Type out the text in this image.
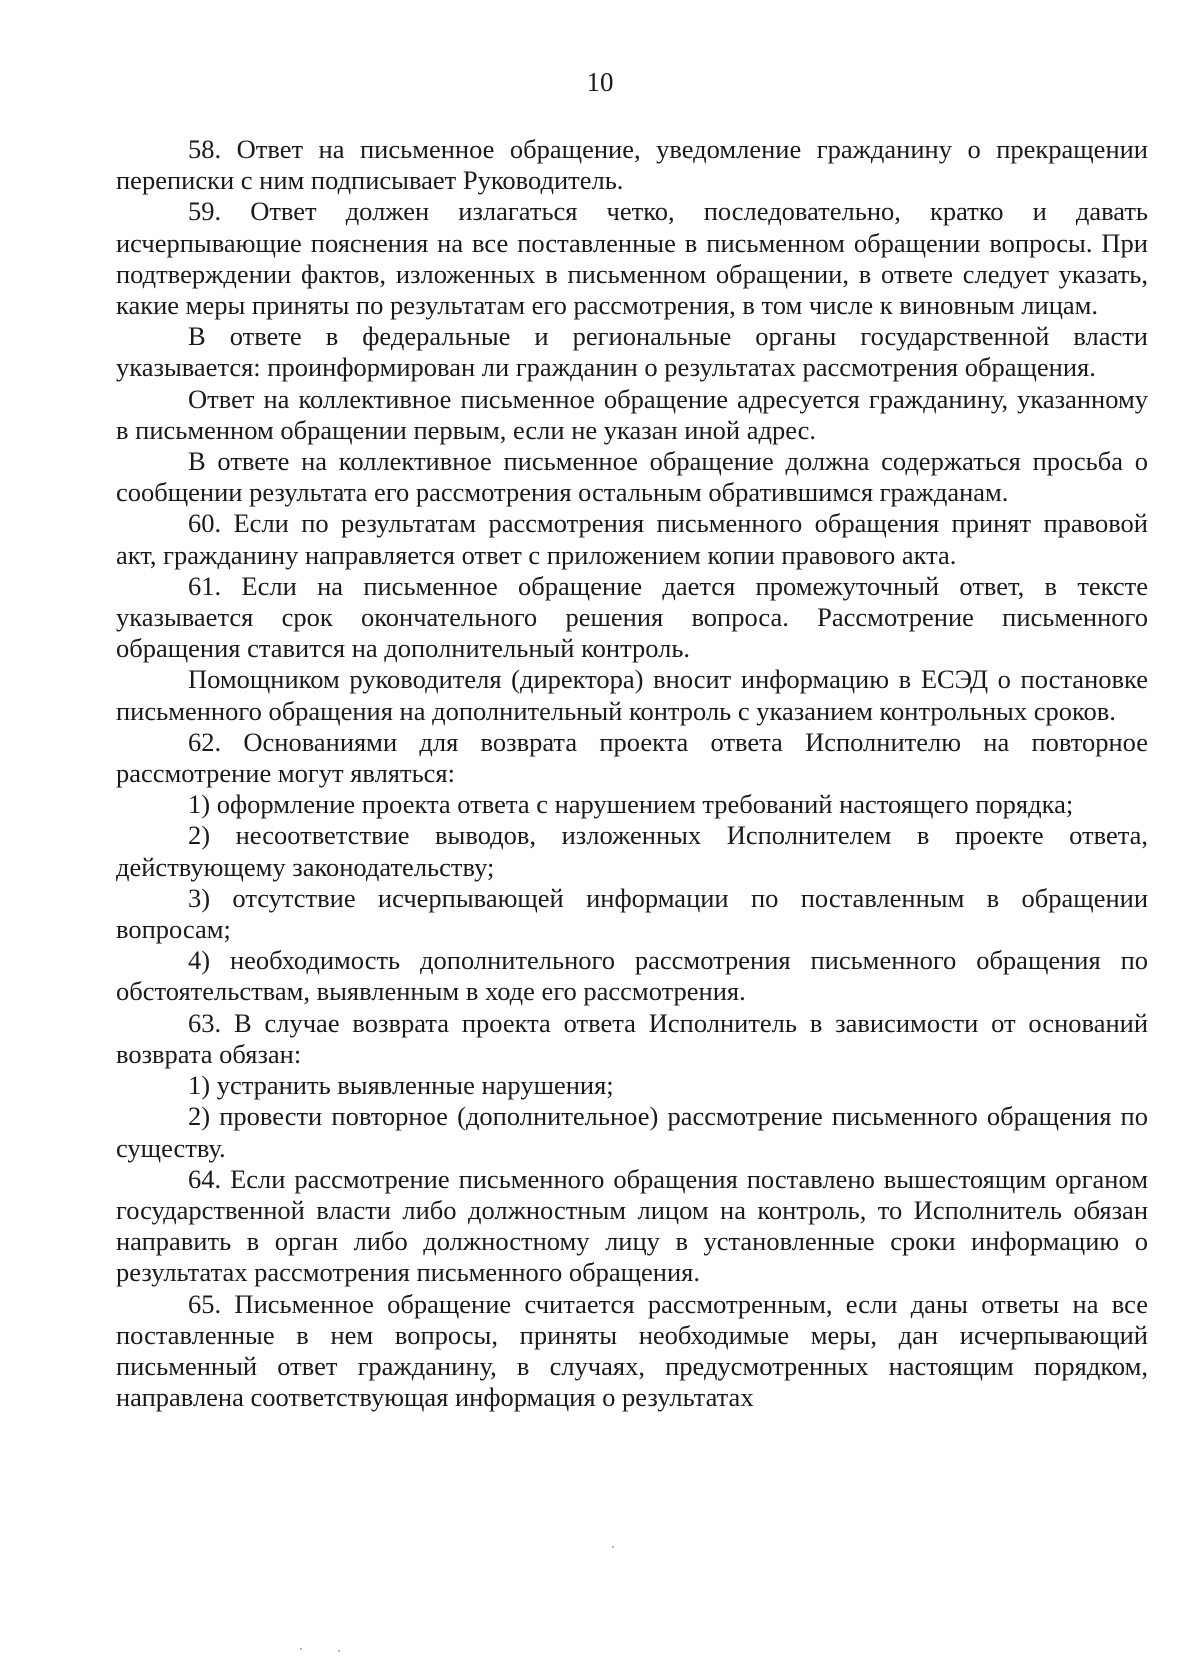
10

58. Ответ на письменное обращение, уведомление гражданину о прекращении переписки с ним подписывает Руководитель.

59. Ответ должен излагаться четко, последовательно, кратко и давать исчерпывающие пояснения на все поставленные в письменном обращении вопросы. При подтверждении фактов, изложенных в письменном обращении, в ответе следует указать, какие меры приняты по результатам его рассмотрения, в том числе к виновным лицам.

В ответе в федеральные и региональные органы государственной власти указывается: проинформирован ли гражданин о результатах рассмотрения обращения.

Ответ на коллективное письменное обращение адресуется гражданину, указанному в письменном обращении первым, если не указан иной адрес.

В ответе на коллективное письменное обращение должна содержаться просьба о сообщении результата его рассмотрения остальным обратившимся гражданам.

60. Если по результатам рассмотрения письменного обращения принят правовой акт, гражданину направляется ответ с приложением копии правового акта.

61. Если на письменное обращение дается промежуточный ответ, в тексте указывается срок окончательного решения вопроса. Рассмотрение письменного обращения ставится на дополнительный контроль.

Помощником руководителя (директора) вносит информацию в ЕСЭД о постановке письменного обращения на дополнительный контроль с указанием контрольных сроков.

62. Основаниями для возврата проекта ответа Исполнителю на повторное рассмотрение могут являться:

1) оформление проекта ответа с нарушением требований настоящего порядка;

2) несоответствие выводов, изложенных Исполнителем в проекте ответа, действующему законодательству;

3) отсутствие исчерпывающей информации по поставленным в обращении вопросам;

4) необходимость дополнительного рассмотрения письменного обращения по обстоятельствам, выявленным в ходе его рассмотрения.

63. В случае возврата проекта ответа Исполнитель в зависимости от оснований возврата обязан:

1) устранить выявленные нарушения;

2) провести повторное (дополнительное) рассмотрение письменного обращения по существу.

64. Если рассмотрение письменного обращения поставлено вышестоящим органом государственной власти либо должностным лицом на контроль, то Исполнитель обязан направить в орган либо должностному лицу в установленные сроки информацию о результатах рассмотрения письменного обращения.

65. Письменное обращение считается рассмотренным, если даны ответы на все поставленные в нем вопросы, приняты необходимые меры, дан исчерпывающий письменный ответ гражданину, в случаях, предусмотренных настоящим порядком, направлена соответствующая информация о результатах
